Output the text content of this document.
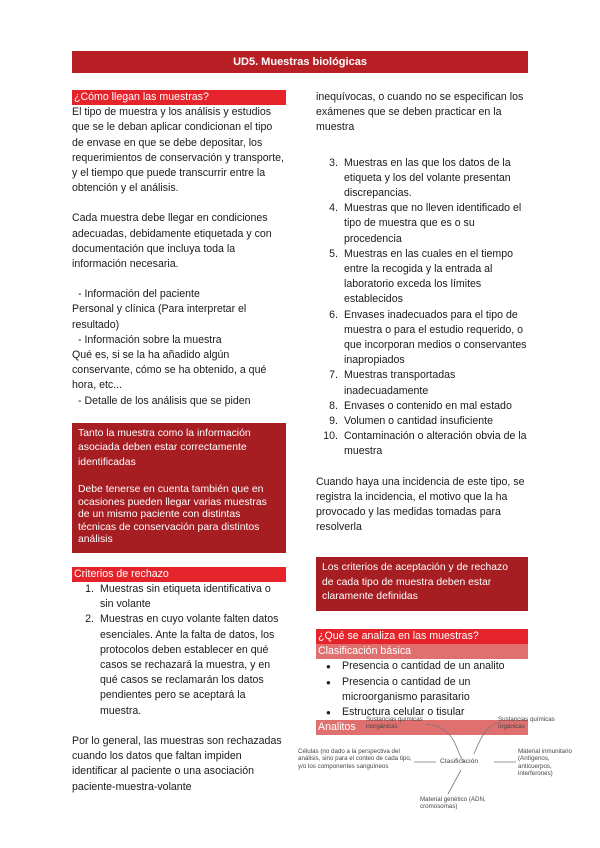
UD5. Muestras biológicas
¿Cómo llegan las muestras?

El tipo de muestra y los análisis y estudios que se le deban aplicar condicionan el tipo de envase en que se debe depositar, los requerimientos de conservación y transporte, y el tiempo que puede transcurrir entre la obtención y el análisis.

Cada muestra debe llegar en condiciones adecuadas, debidamente etiquetada y con documentación que incluya toda la información necesaria.

- Información del paciente
Personal y clínica (Para interpretar el resultado)
- Información sobre la muestra
Qué es, si se la ha añadido algún conservante, cómo se ha obtenido, a qué hora, etc...
- Detalle de los análisis que se piden
Tanto la muestra como la información asociada deben estar correctamente identificadas
Debe tenerse en cuenta también que en ocasiones pueden llegar varias muestras de un mismo paciente con distintas técnicas de conservación para distintos análisis
Criterios de rechazo
1. Muestras sin etiqueta identificativa o sin volante
2. Muestras en cuyo volante falten datos esenciales. Ante la falta de datos, los protocolos deben establecer en qué casos se rechazará la muestra, y en qué casos se reclamarán los datos pendientes pero se aceptará la muestra.

Por lo general, las muestras son rechazadas cuando los datos que faltan impiden identificar al paciente o una asociación paciente-muestra-volante

inequívocas, o cuando no se especifican los exámenes que se deben practicar en la muestra

3. Muestras en las que los datos de la etiqueta y los del volante presentan discrepancias.
4. Muestras que no lleven identificado el tipo de muestra que es o su procedencia
5. Muestras en las cuales en el tiempo entre la recogida y la entrada al laboratorio exceda los límites establecidos
6. Envases inadecuados para el tipo de muestra o para el estudio requerido, o que incorporan medios o conservantes inapropiados
7. Muestras transportadas inadecuadamente
8. Envases o contenido en mal estado
9. Volumen o cantidad insuficiente
10. Contaminación o alteración obvia de la muestra

Cuando haya una incidencia de este tipo, se registra la incidencia, el motivo que la ha provocado y las medidas tomadas para resolverla

Los criterios de aceptación y de rechazo de cada tipo de muestra deben estar claramente definidas
¿Qué se analiza en las muestras?
Clasificación básica
●	Presencia o cantidad de un analito
●	Presencia o cantidad de un microorganismo parasitario
●	Estructura celular o tisular
Analitos
Clasificación
Sustancias químicas inorgánicas
Sustancias químicas orgánicas
Células (no dado a la perspectiva del análisis, sino para el conteo de cada tipo, y/o los componentes sanguíneos
Material inmunitario (Antígenos, anticuerpos, interferones)
Material genético (ADN, cromosomas)
